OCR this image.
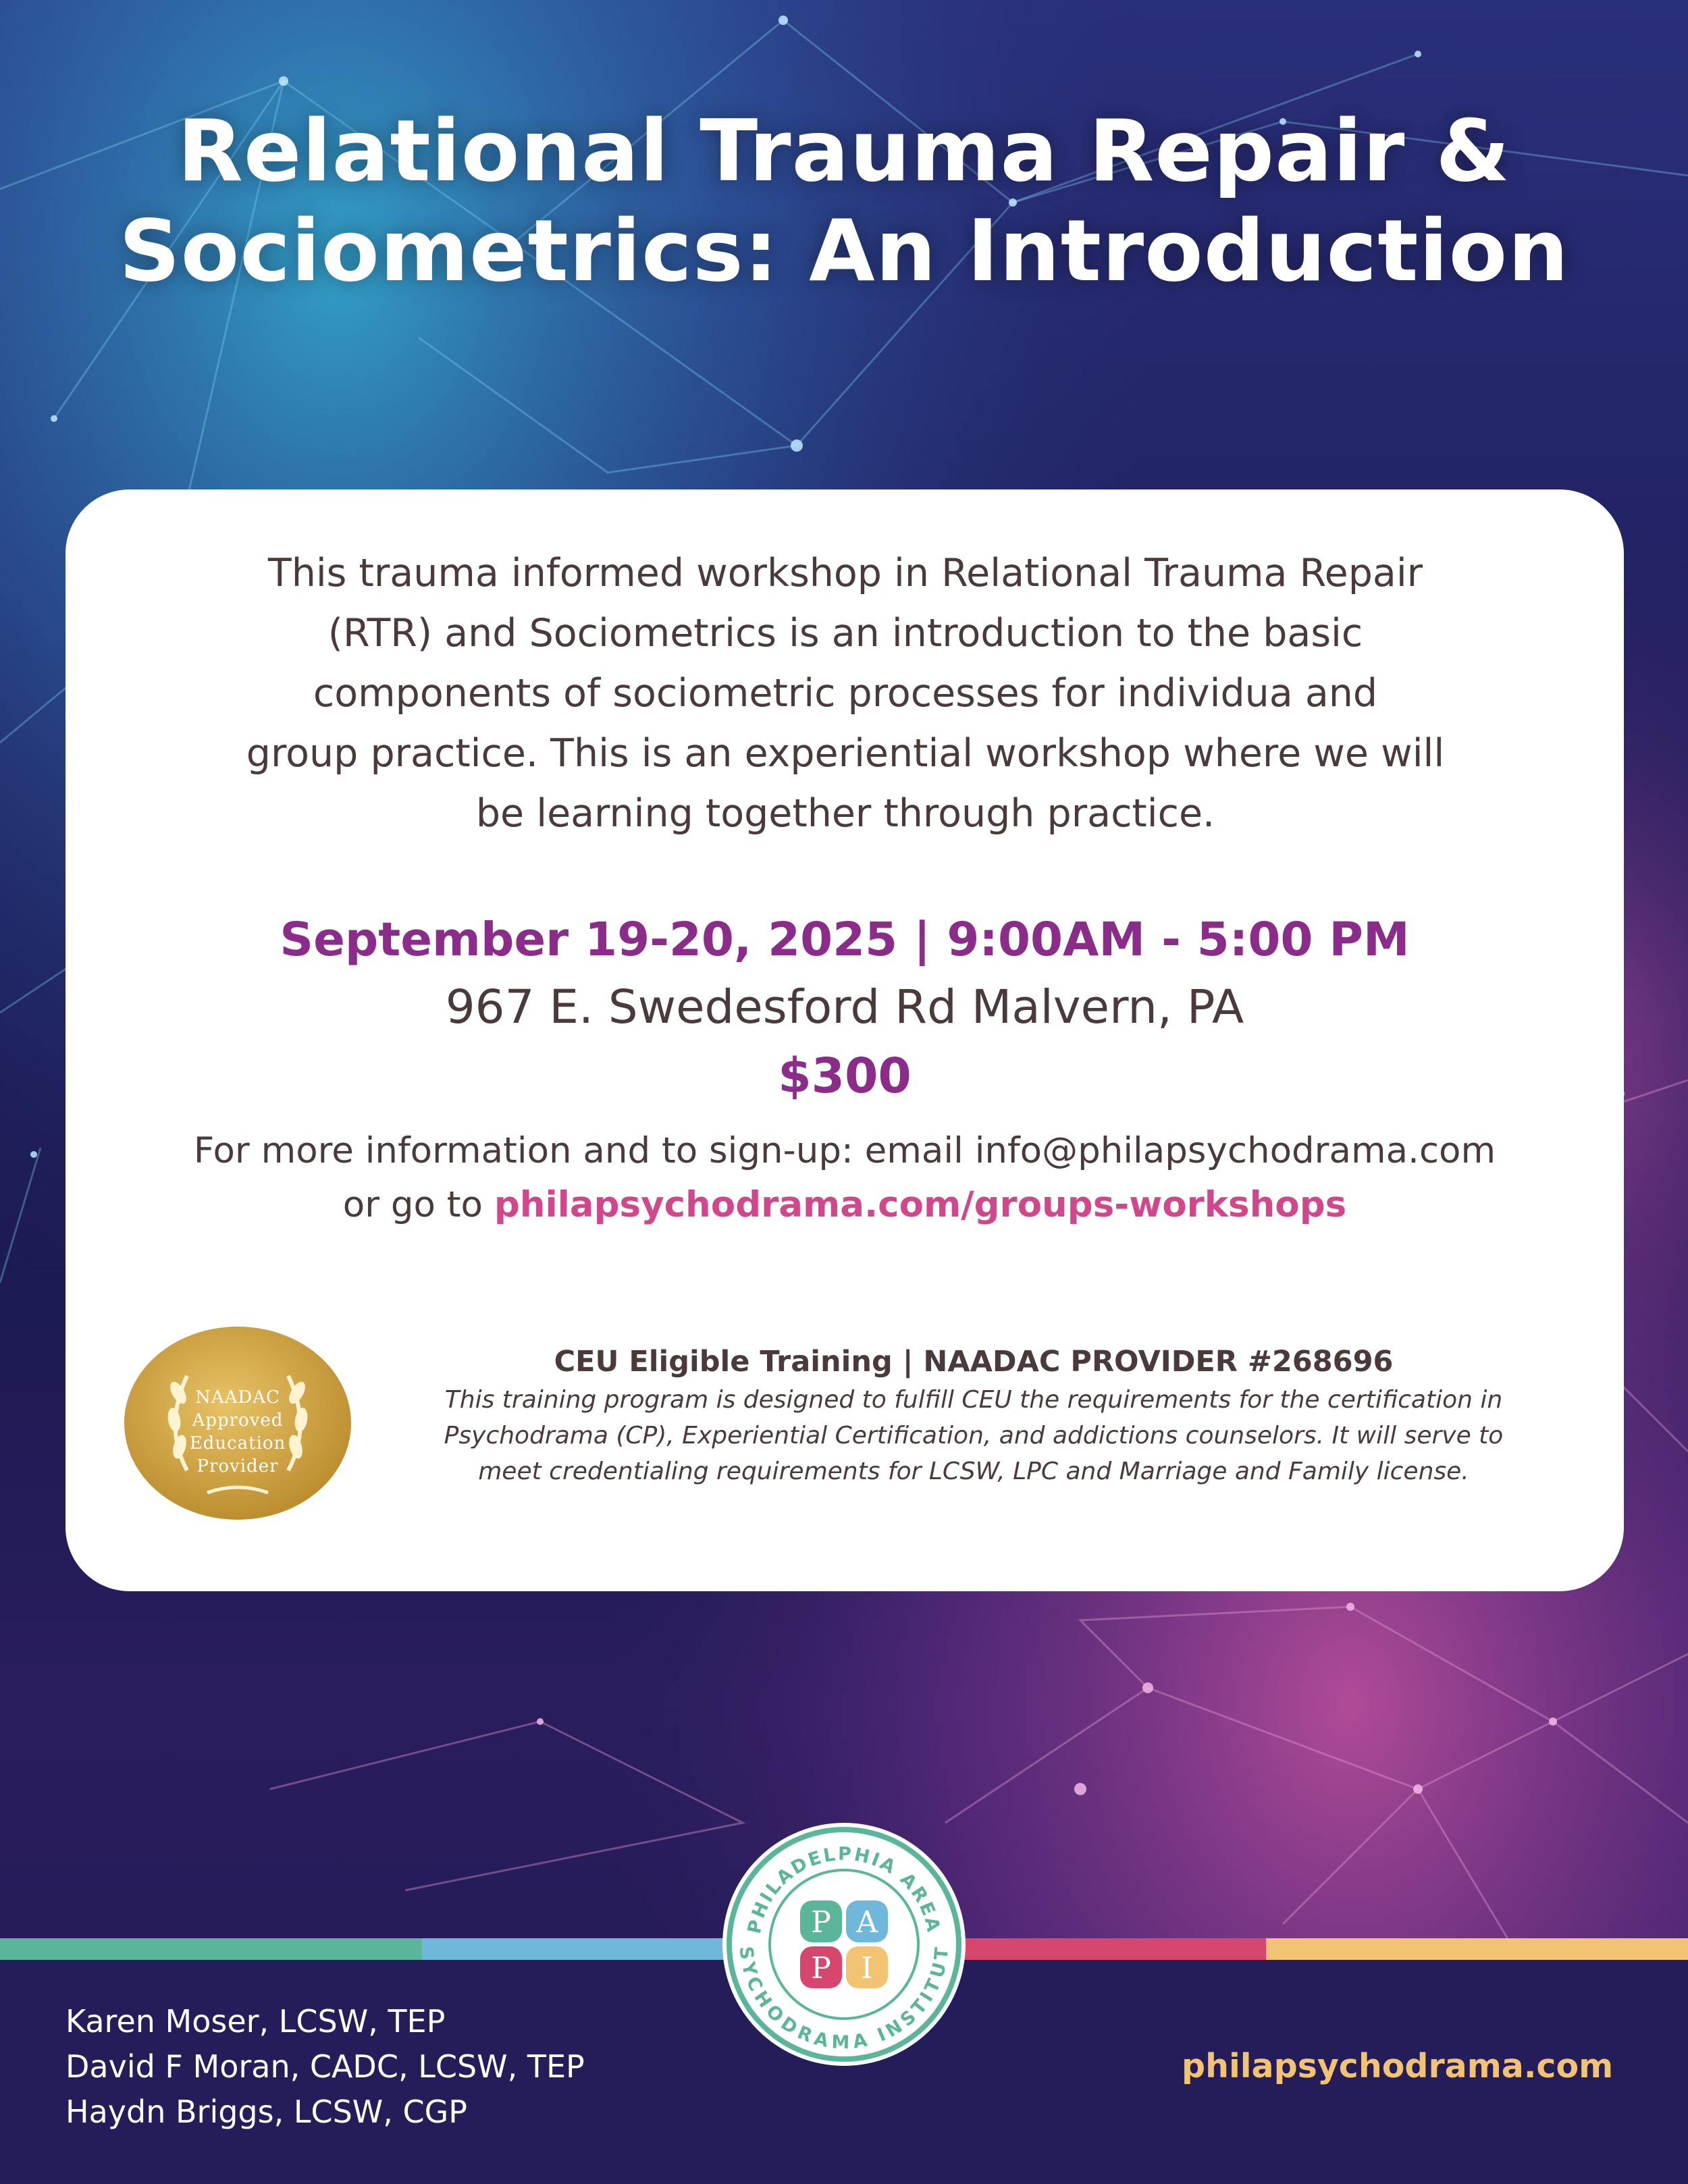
Relational Trauma Repair &
Sociometrics: An Introduction
This trauma informed workshop in Relational Trauma Repair
(RTR) and Sociometrics is an introduction to the basic
components of sociometric processes for individua and
group practice. This is an experiential workshop where we will
be learning together through practice.
September 19-20, 2025 | 9:00AM - 5:00 PM
967 E. Swedesford Rd Malvern, PA
$300
For more information and to sign-up: email info@philapsychodrama.com
or go to philapsychodrama.com/groups-workshops
NAADAC
Approved
Education
Provider
CEU Eligible Training | NAADAC PROVIDER #268696
This training program is designed to fulfill CEU the requirements for the certification in
Psychodrama (CP), Experiential Certification, and addictions counselors. It will serve to
meet credentialing requirements for LCSW, LPC and Marriage and Family license.
Karen Moser, LCSW, TEP
David F Moran, CADC, LCSW, TEP
Haydn Briggs, LCSW, CGP
philapsychodrama.com
PHILADELPHIA AREA
SYCHODRAMA INSTITUT
P A
P I
